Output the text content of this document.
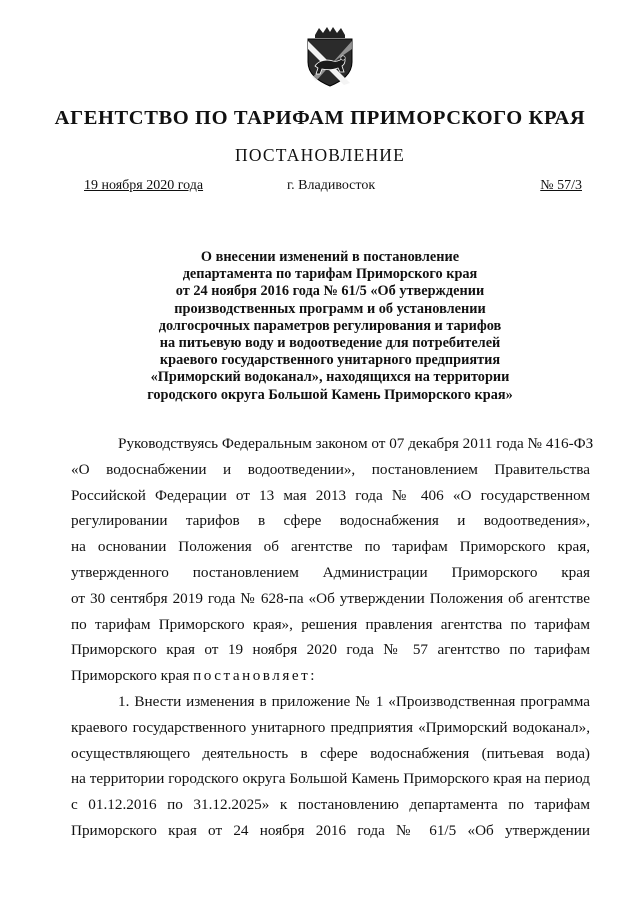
АГЕНТСТВО ПО ТАРИФАМ ПРИМОРСКОГО КРАЯ
ПОСТАНОВЛЕНИЕ
19 ноября 2020 года	г. Владивосток	№ 57/3
О внесении изменений в постановление
департамента по тарифам Приморского края
от 24 ноября 2016 года № 61/5 «Об утверждении
производственных программ и об установлении
долгосрочных параметров регулирования и тарифов
на питьевую воду и водоотведение для потребителей
краевого государственного унитарного предприятия
«Приморский водоканал», находящихся на территории
городского округа Большой Камень Приморского края»
Руководствуясь Федеральным законом от 07 декабря 2011 года № 416-ФЗ
«О водоснабжении и водоотведении», постановлением Правительства
Российской Федерации от 13 мая 2013 года № 406 «О государственном
регулировании тарифов в сфере водоснабжения и водоотведения»,
на основании Положения об агентстве по тарифам Приморского края,
утвержденного постановлением Администрации Приморского края
от 30 сентября 2019 года № 628-па «Об утверждении Положения об агентстве
по тарифам Приморского края», решения правления агентства по тарифам
Приморского края от 19 ноября 2020 года № 57 агентство по тарифам
Приморского края постановляет:
1. Внести изменения в приложение № 1 «Производственная программа
краевого государственного унитарного предприятия «Приморский водоканал»,
осуществляющего деятельность в сфере водоснабжения (питьевая вода)
на территории городского округа Большой Камень Приморского края на период
с 01.12.2016 по 31.12.2025» к постановлению департамента по тарифам
Приморского края от 24 ноября 2016 года № 61/5 «Об утверждении
